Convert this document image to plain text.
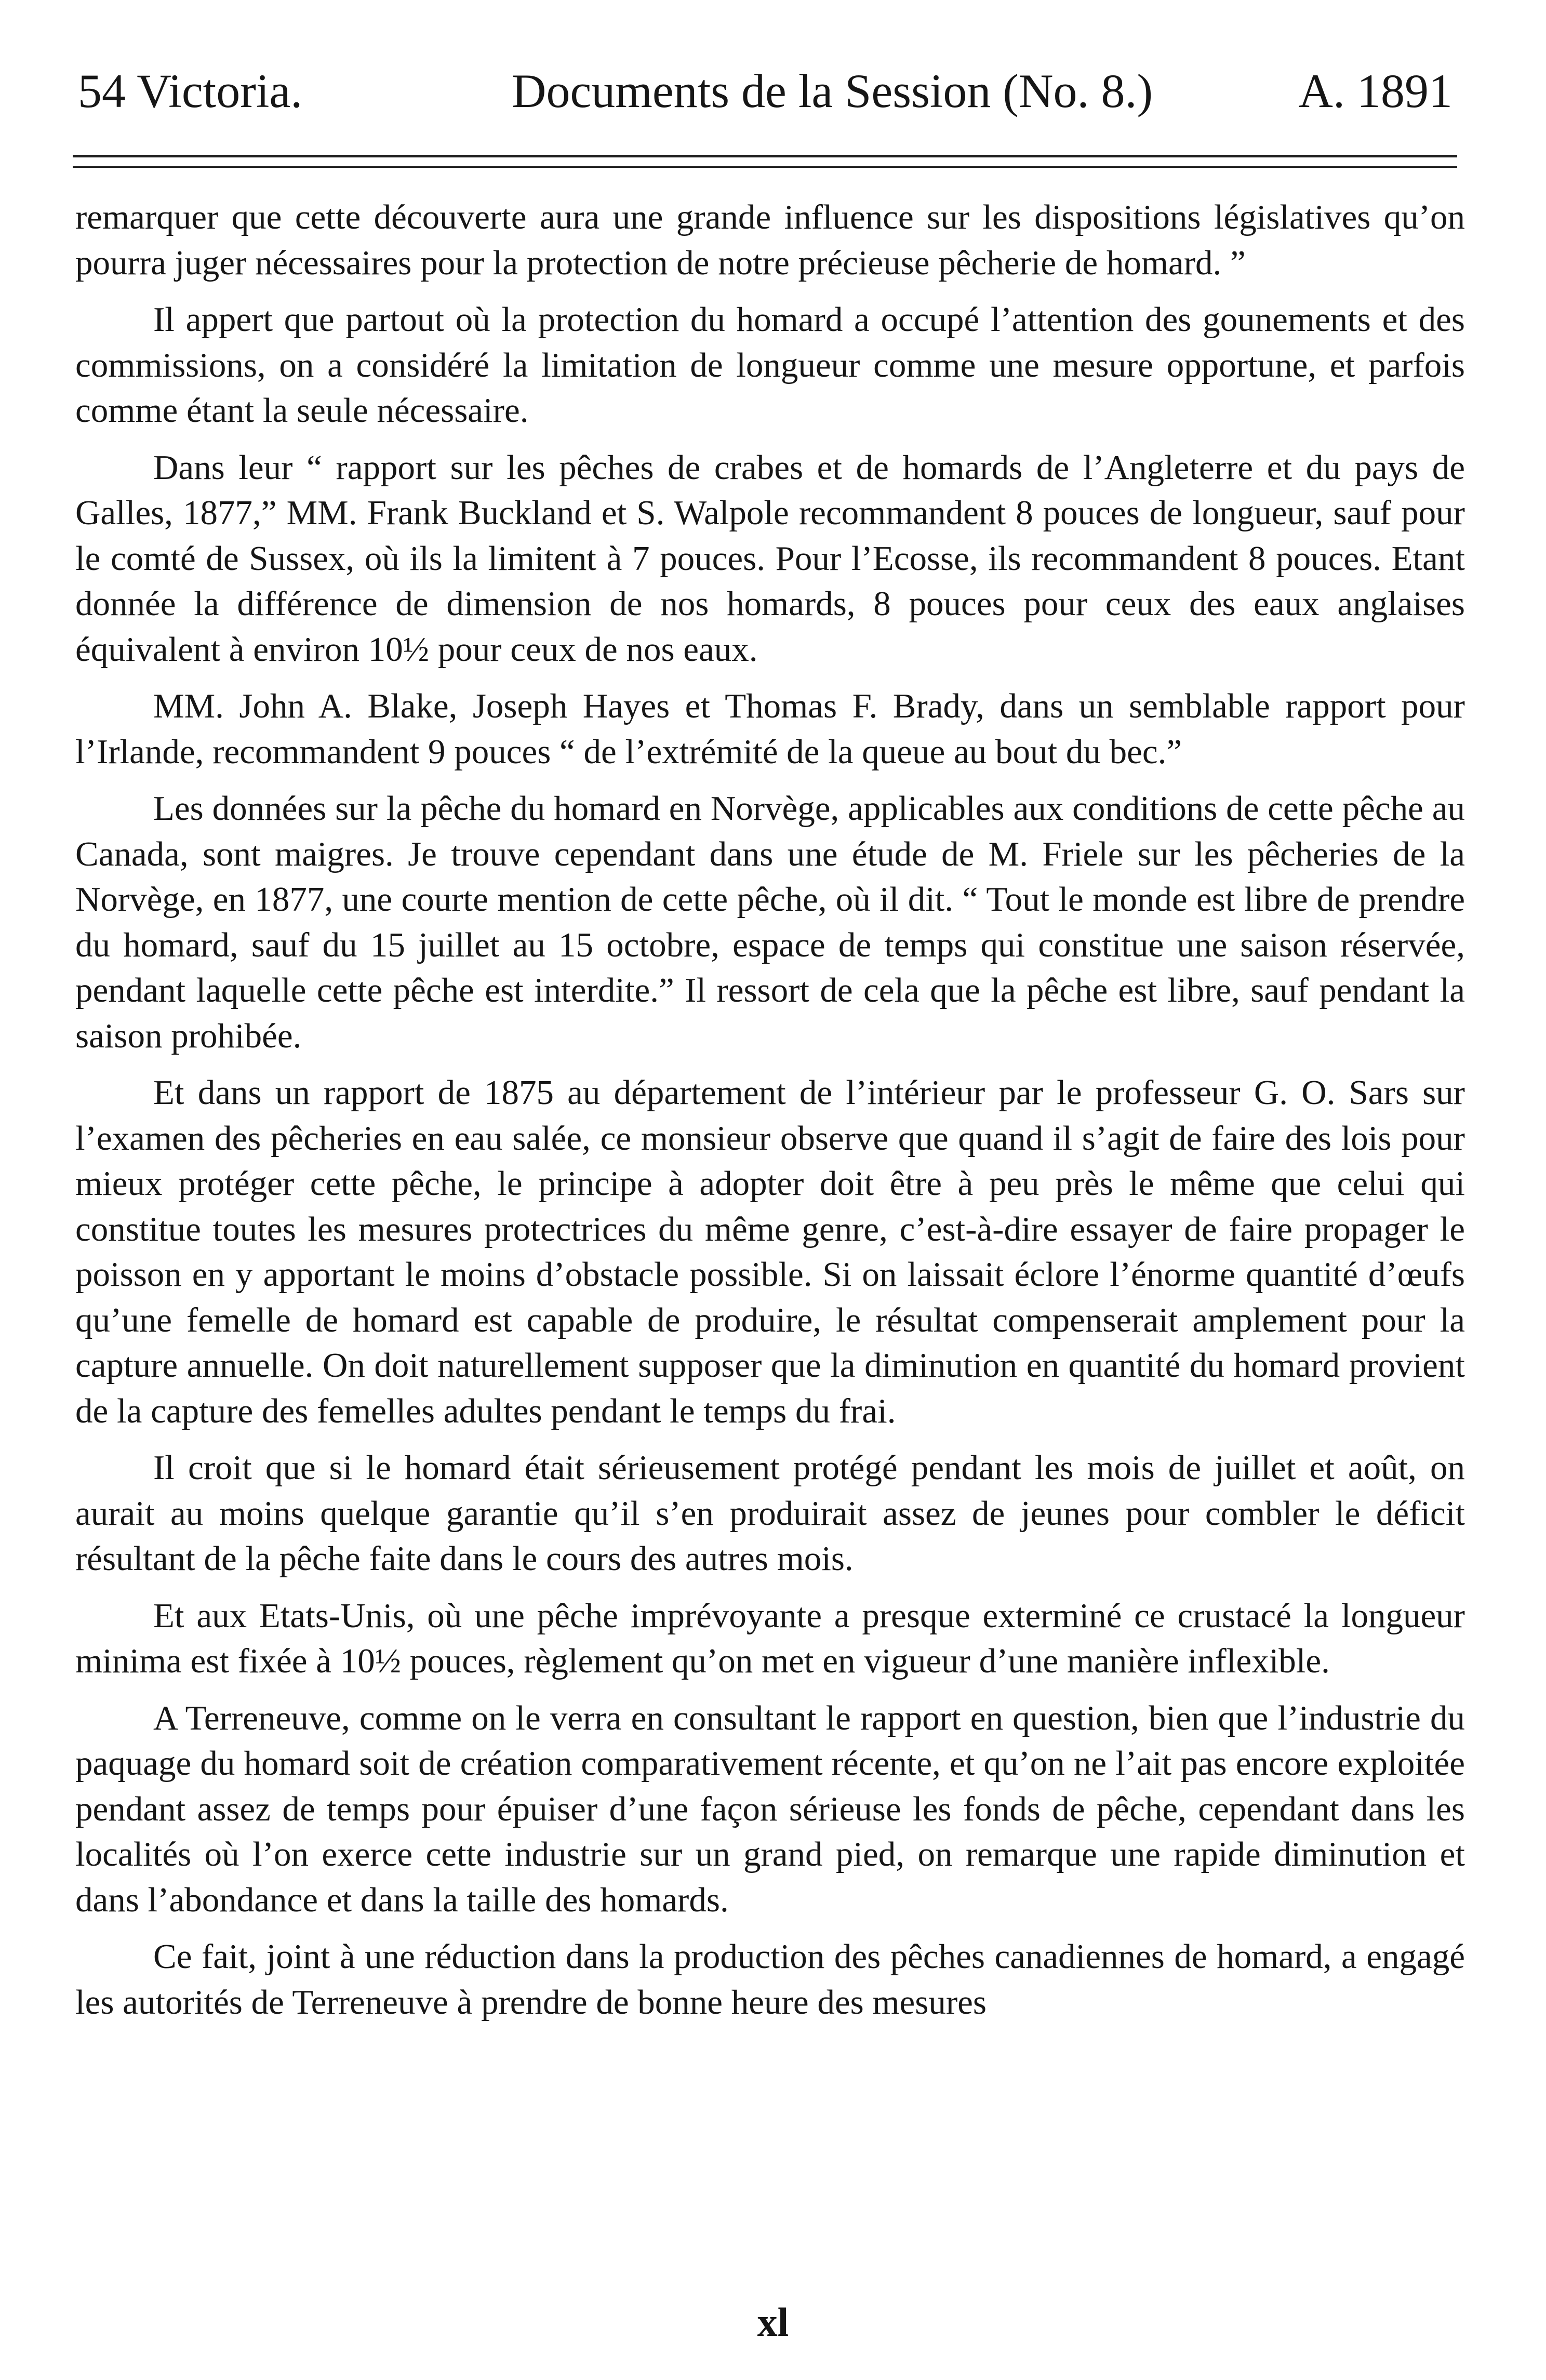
54 Victoria.	Documents de la Session (No. 8.)	A. 1891

remarquer que cette découverte aura une grande influence sur les dispositions législatives qu’on pourra juger nécessaires pour la protection de notre précieuse pêcherie de homard. ”

Il appert que partout où la protection du homard a occupé l’attention des gounements et des commissions, on a considéré la limitation de longueur comme une mesure opportune, et parfois comme étant la seule nécessaire.

Dans leur “ rapport sur les pêches de crabes et de homards de l’Angleterre et du pays de Galles, 1877,” MM. Frank Buckland et S. Walpole recommandent 8 pouces de longueur, sauf pour le comté de Sussex, où ils la limitent à 7 pouces. Pour l’Ecosse, ils recommandent 8 pouces. Etant donnée la différence de dimension de nos homards, 8 pouces pour ceux des eaux anglaises équivalent à environ 10½ pour ceux de nos eaux.

MM. John A. Blake, Joseph Hayes et Thomas F. Brady, dans un semblable rapport pour l’Irlande, recommandent 9 pouces “ de l’extrémité de la queue au bout du bec.”

Les données sur la pêche du homard en Norvège, applicables aux conditions de cette pêche au Canada, sont maigres. Je trouve cependant dans une étude de M. Friele sur les pêcheries de la Norvège, en 1877, une courte mention de cette pêche, où il dit. “ Tout le monde est libre de prendre du homard, sauf du 15 juillet au 15 octobre, espace de temps qui constitue une saison réservée, pendant laquelle cette pêche est interdite.” Il ressort de cela que la pêche est libre, sauf pendant la saison prohibée.

Et dans un rapport de 1875 au département de l’intérieur par le professeur G. O. Sars sur l’examen des pêcheries en eau salée, ce monsieur observe que quand il s’agit de faire des lois pour mieux protéger cette pêche, le principe à adopter doit être à peu près le même que celui qui constitue toutes les mesures protectrices du même genre, c’est-à-dire essayer de faire propager le poisson en y apportant le moins d’obstacle possible. Si on laissait éclore l’énorme quantité d’œufs qu’une femelle de homard est capable de produire, le résultat compenserait amplement pour la capture annuelle. On doit naturellement supposer que la diminution en quantité du homard provient de la capture des femelles adultes pendant le temps du frai.

Il croit que si le homard était sérieusement protégé pendant les mois de juillet et août, on aurait au moins quelque garantie qu’il s’en produirait assez de jeunes pour combler le déficit résultant de la pêche faite dans le cours des autres mois.

Et aux Etats-Unis, où une pêche imprévoyante a presque exterminé ce crustacé la longueur minima est fixée à 10½ pouces, règlement qu’on met en vigueur d’une manière inflexible.

A Terreneuve, comme on le verra en consultant le rapport en question, bien que l’industrie du paquage du homard soit de création comparativement récente, et qu’on ne l’ait pas encore exploitée pendant assez de temps pour épuiser d’une façon sérieuse les fonds de pêche, cependant dans les localités où l’on exerce cette industrie sur un grand pied, on remarque une rapide diminution et dans l’abondance et dans la taille des homards.

Ce fait, joint à une réduction dans la production des pêches canadiennes de homard, a engagé les autorités de Terreneuve à prendre de bonne heure des mesures

xl
